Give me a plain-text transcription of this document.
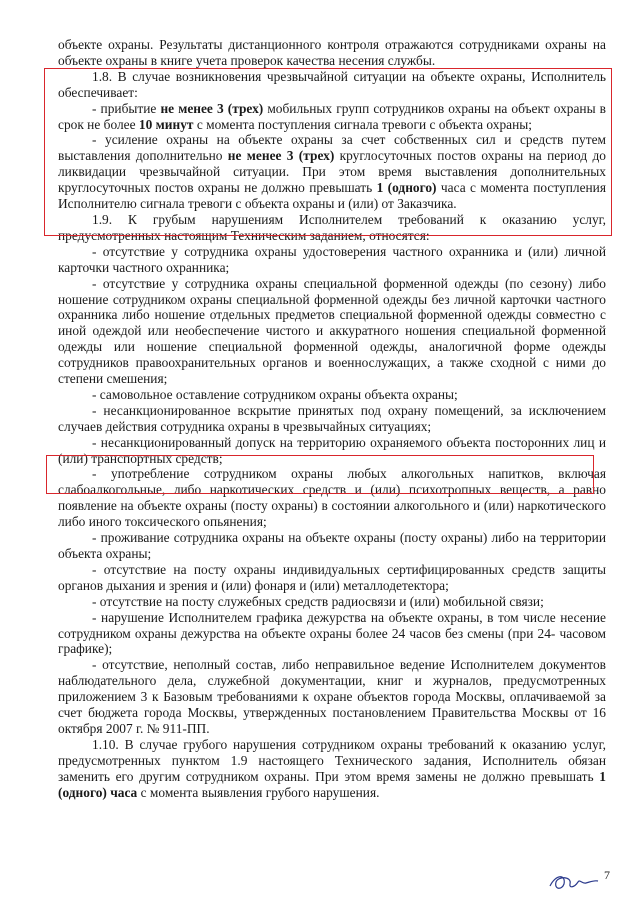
объекте охраны. Результаты дистанционного контроля отражаются сотрудниками охраны на объекте охраны в книге учета проверок качества несения службы.

1.8. В случае возникновения чрезвычайной ситуации на объекте охраны, Исполнитель обеспечивает:

- прибытие не менее 3 (трех) мобильных групп сотрудников охраны на объект охраны в срок не более 10 минут с момента поступления сигнала тревоги с объекта охраны;

- усиление охраны на объекте охраны за счет собственных сил и средств путем выставления дополнительно не менее 3 (трех) круглосуточных постов охраны на период до ликвидации чрезвычайной ситуации. При этом время выставления дополнительных круглосуточных постов охраны не должно превышать 1 (одного) часа с момента поступления Исполнителю сигнала тревоги с объекта охраны и (или) от Заказчика.

1.9. К грубым нарушениям Исполнителем требований к оказанию услуг, предусмотренных настоящим Техническим заданием, относятся:

- отсутствие у сотрудника охраны удостоверения частного охранника и (или) личной карточки частного охранника;

- отсутствие у сотрудника охраны специальной форменной одежды (по сезону) либо ношение сотрудником охраны специальной форменной одежды без личной карточки частного охранника либо ношение отдельных предметов специальной форменной одежды совместно с иной одеждой или необеспечение чистого и аккуратного ношения специальной форменной одежды или ношение специальной форменной одежды, аналогичной форме одежды сотрудников правоохранительных органов и военнослужащих, а также сходной с ними до степени смешения;

- самовольное оставление сотрудником охраны объекта охраны;

- несанкционированное вскрытие принятых под охрану помещений, за исключением случаев действия сотрудника охраны в чрезвычайных ситуациях;

- несанкционированный допуск на территорию охраняемого объекта посторонних лиц и (или) транспортных средств;

- употребление сотрудником охраны любых алкогольных напитков, включая слабоалкогольные, либо наркотических средств и (или) психотропных веществ, а равно появление на объекте охраны (посту охраны) в состоянии алкогольного и (или) наркотического либо иного токсического опьянения;

- проживание сотрудника охраны на объекте охраны (посту охраны) либо на территории объекта охраны;

- отсутствие на посту охраны индивидуальных сертифицированных средств защиты органов дыхания и зрения и (или) фонаря и (или) металлодетектора;

- отсутствие на посту служебных средств радиосвязи и (или) мобильной связи;

- нарушение Исполнителем графика дежурства на объекте охраны, в том числе несение сотрудником охраны дежурства на объекте охраны более 24 часов без смены (при 24- часовом графике);

- отсутствие, неполный состав, либо неправильное ведение Исполнителем документов наблюдательного дела, служебной документации, книг и журналов, предусмотренных приложением 3 к Базовым требованиями к охране объектов города Москвы, оплачиваемой за счет бюджета города Москвы, утвержденных постановлением Правительства Москвы от 16 октября 2007 г. № 911-ПП.

1.10. В случае грубого нарушения сотрудником охраны требований к оказанию услуг, предусмотренных пунктом 1.9 настоящего Технического задания, Исполнитель обязан заменить его другим сотрудником охраны. При этом время замены не должно превышать 1 (одного) часа с момента выявления грубого нарушения.

7
